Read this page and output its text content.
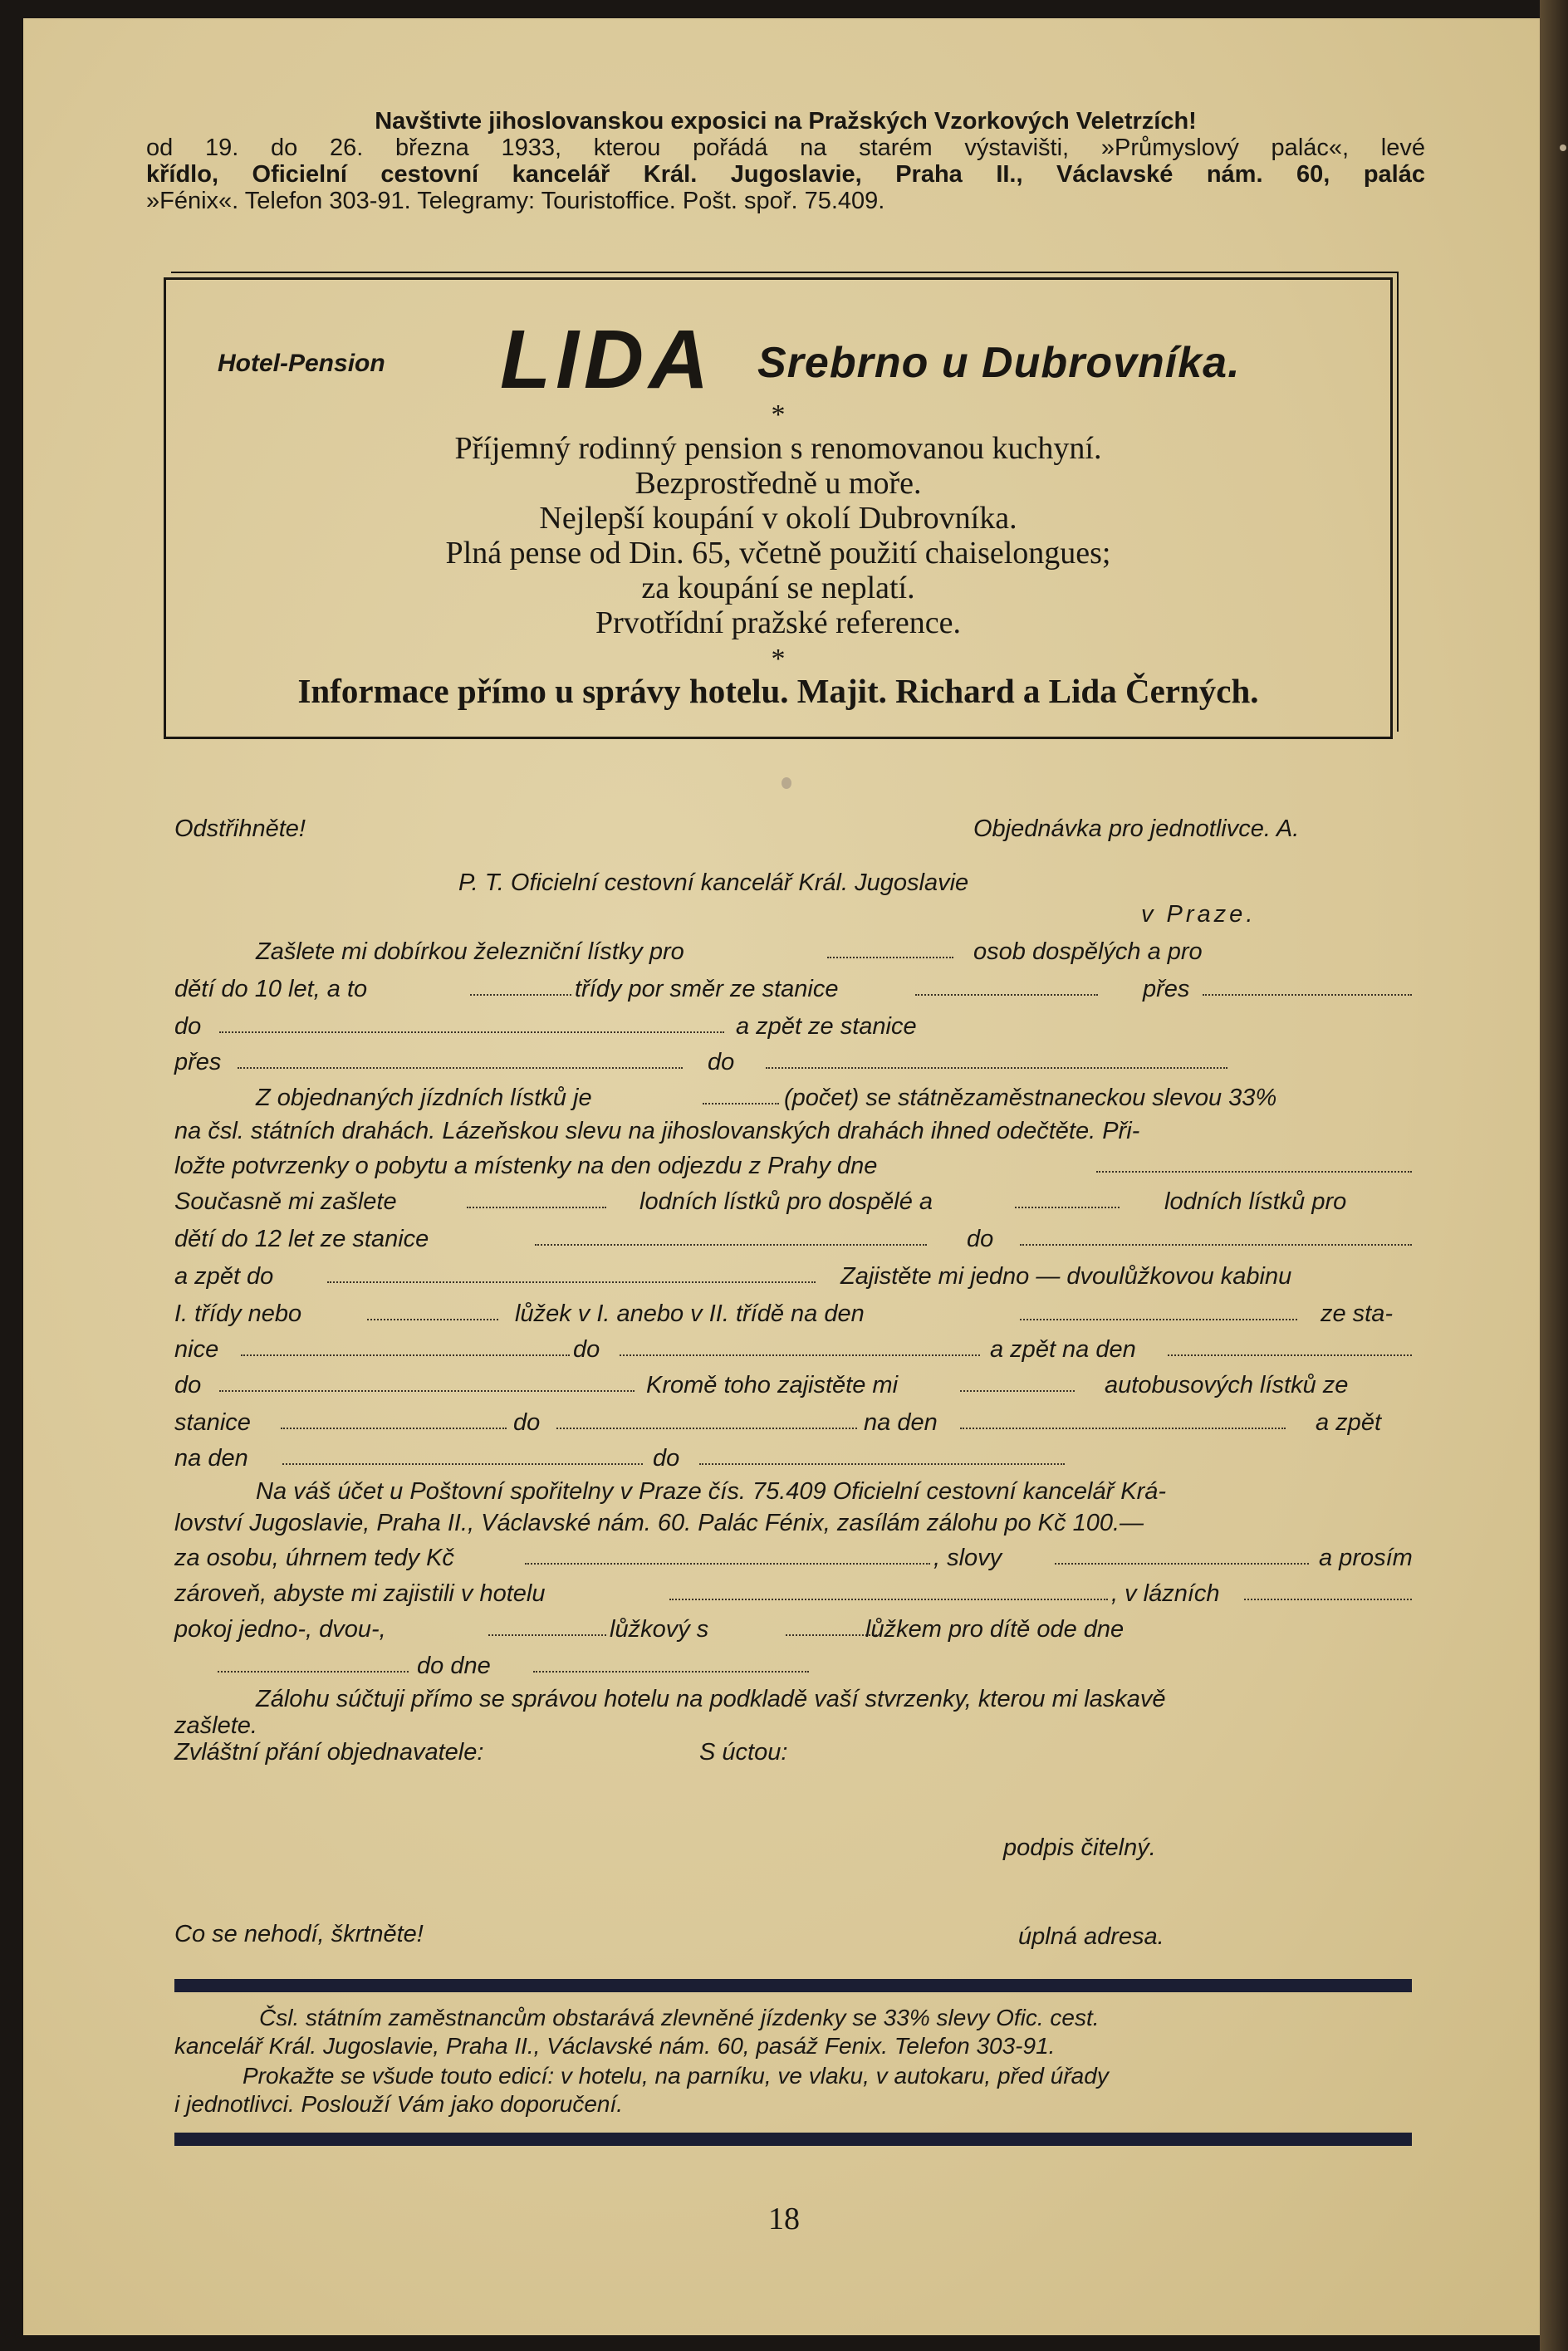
Navštivte jihoslovanskou exposici na Pražských Vzorkových Veletrzích!
od 19. do 26. března 1933, kterou pořádá na starém výstavišti, »Průmyslový palác«, levé
křídlo, Oficielní cestovní kancelář Král. Jugoslavie, Praha II., Václavské nám. 60, palác
»Fénix«. Telefon 303-91. Telegramy: Touristoffice. Pošt. spoř. 75.409.
Hotel-Pension LIDA Srebrno u Dubrovníka.
*
Příjemný rodinný pension s renomovanou kuchyní.
Bezprostředně u moře.
Nejlepší koupání v okolí Dubrovníka.
Plná pense od Din. 65, včetně použití chaiselongues;
za koupání se neplatí.
Prvotřídní pražské reference.
*
Informace přímo u správy hotelu. Majit. Richard a Lida Černých.
Odstřihněte!	Objednávka pro jednotlivce. A.
P. T. Oficielní cestovní kancelář Král. Jugoslavie
v Praze.
Zašlete mi dobírkou železniční lístky pro	osob dospělých a pro
dětí do 10 let, a to	třídy por směr ze stanice	přes
do	a zpět ze stanice
přes	do
Z objednaných jízdních lístků je	(počet) se státnězaměstnaneckou slevou 33%
na čsl. státních drahách. Lázeňskou slevu na jihoslovanských drahách ihned odečtěte. Při-
ložte potvrzenky o pobytu a místenky na den odjezdu z Prahy dne
Současně mi zašlete	lodních lístků pro dospělé a	lodních lístků pro
dětí do 12 let ze stanice	do
a zpět do	Zajistěte mi jedno — dvoulůžkovou kabinu
I. třídy nebo	lůžek v I. anebo v II. třídě na den	ze sta-
nice	do	a zpět na den
do	Kromě toho zajistěte mi	autobusových lístků ze
stanice	do	na den	a zpět
na den	do
Na váš účet u Poštovní spořitelny v Praze čís. 75.409 Oficielní cestovní kancelář Krá-
lovství Jugoslavie, Praha II., Václavské nám. 60. Palác Fénix, zasílám zálohu po Kč 100.—
za osobu, úhrnem tedy Kč	, slovy	a prosím
zároveň, abyste mi zajistili v hotelu	, v lázních
pokoj jedno-, dvou-,	lůžkový s	lůžkem pro dítě ode dne
do dne
Zálohu súčtuji přímo se správou hotelu na podkladě vaší stvrzenky, kterou mi laskavě
zašlete.
Zvláštní přání objednavatele:	S úctou:
podpis čitelný.
Co se nehodí, škrtněte!	úplná adresa.
Čsl. státním zaměstnancům obstarává zlevněné jízdenky se 33% slevy Ofic. cest.
kancelář Král. Jugoslavie, Praha II., Václavské nám. 60, pasáž Fenix. Telefon 303-91.
Prokažte se všude touto edicí: v hotelu, na parníku, ve vlaku, v autokaru, před úřady
i jednotlivci. Poslouží Vám jako doporučení.
18
